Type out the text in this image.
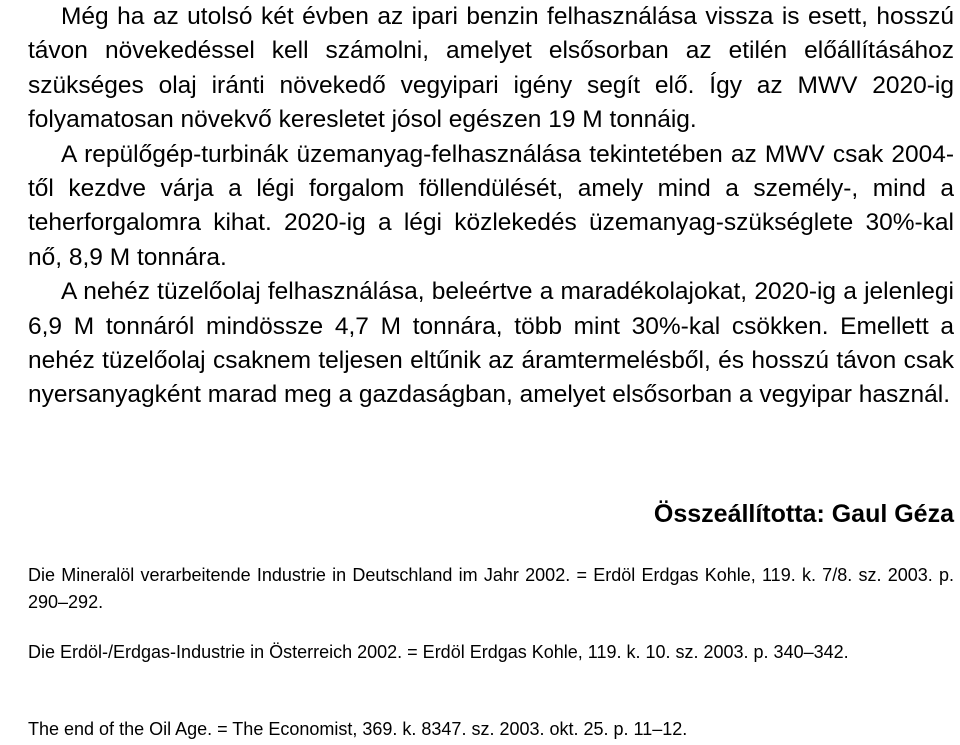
Még ha az utolsó két évben az ipari benzin felhasználása vissza is esett, hosszú távon növekedéssel kell számolni, amelyet elsősorban az etilén előállításához szükséges olaj iránti növekedő vegyipari igény segít elő. Így az MWV 2020-ig folyamatosan növekvő keresletet jósol egészen 19 M tonnáig.

A repülőgép-turbinák üzemanyag-felhasználása tekintetében az MWV csak 2004-től kezdve várja a légi forgalom föllendülését, amely mind a személy-, mind a teherforgalomra kihat. 2020-ig a légi közlekedés üzemanyag-szükséglete 30%-kal nő, 8,9 M tonnára.

A nehéz tüzelőolaj felhasználása, beleértve a maradékolajokat, 2020-ig a jelenlegi 6,9 M tonnáról mindössze 4,7 M tonnára, több mint 30%-kal csökken. Emellett a nehéz tüzelőolaj csaknem teljesen eltűnik az áramtermelésből, és hosszú távon csak nyersanyagként marad meg a gazdaságban, amelyet elsősorban a vegyipar használ.

Összeállította: Gaul Géza

Die Mineralöl verarbeitende Industrie in Deutschland im Jahr 2002. = Erdöl Erdgas Kohle, 119. k. 7/8. sz. 2003. p. 290–292.

Die Erdöl-/Erdgas-Industrie in Österreich 2002. = Erdöl Erdgas Kohle, 119. k. 10. sz. 2003. p. 340–342.

The end of the Oil Age. = The Economist, 369. k. 8347. sz. 2003. okt. 25. p. 11–12.
